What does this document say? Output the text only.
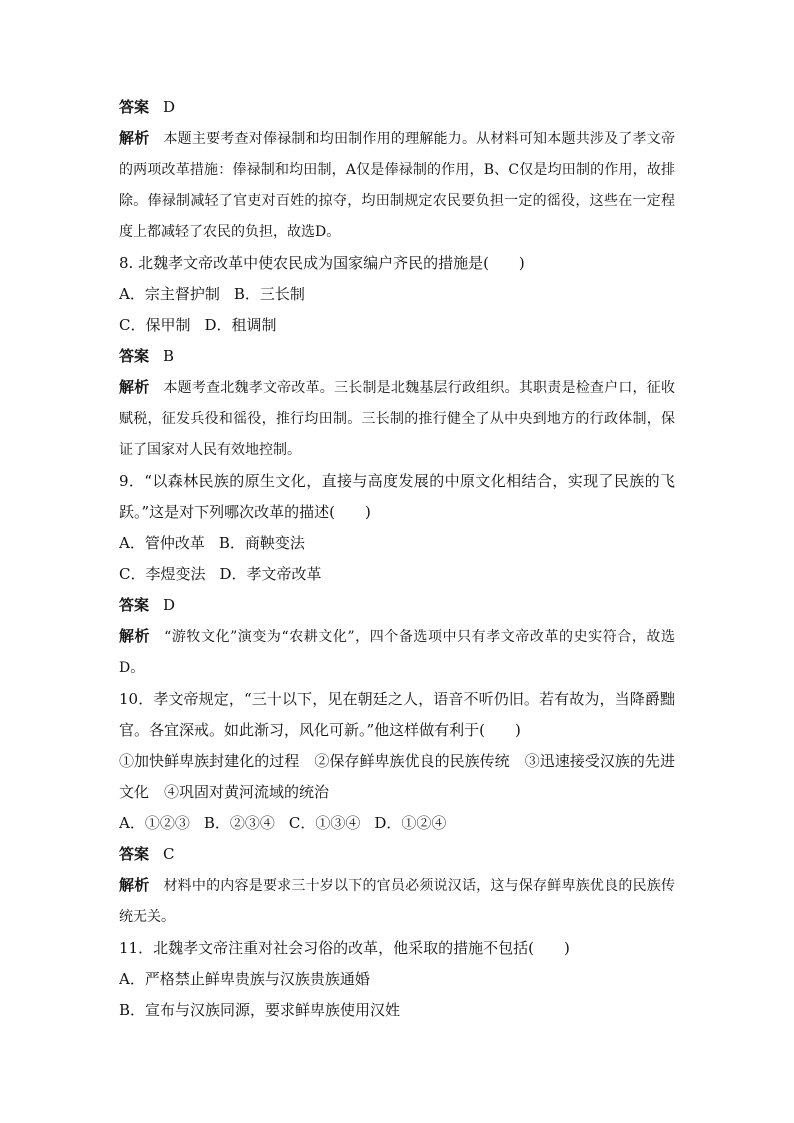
答案 D
解析 本题主要考查对俸禄制和均田制作用的理解能力。从材料可知本题共涉及了孝文帝的两项改革措施：俸禄制和均田制，A仅是俸禄制的作用，B、C仅是均田制的作用，故排除。俸禄制减轻了官吏对百姓的掠夺，均田制规定农民要负担一定的徭役，这些在一定程度上都减轻了农民的负担，故选D。
8. 北魏孝文帝改革中使农民成为国家编户齐民的措施是(　　)
A．宗主督护制 B．三长制
C．保甲制 D．租调制
答案 B
解析 本题考查北魏孝文帝改革。三长制是北魏基层行政组织。其职责是检查户口，征收赋税，征发兵役和徭役，推行均田制。三长制的推行健全了从中央到地方的行政体制，保证了国家对人民有效地控制。
9．“以森林民族的原生文化，直接与高度发展的中原文化相结合，实现了民族的飞跃。”这是对下列哪次改革的描述(　　)
A．管仲改革 B．商鞅变法
C．李煜变法 D．孝文帝改革
答案 D
解析 “游牧文化”演变为“农耕文化”，四个备选项中只有孝文帝改革的史实符合，故选D。
10．孝文帝规定，“三十以下，见在朝廷之人，语音不听仍旧。若有故为，当降爵黜官。各宜深戒。如此渐习，风化可新。”他这样做有利于(　　)
①加快鲜卑族封建化的过程　②保存鲜卑族优良的民族传统　③迅速接受汉族的先进文化　④巩固对黄河流域的统治
A．①②③ B．②③④ C．①③④ D．①②④
答案 C
解析 材料中的内容是要求三十岁以下的官员必须说汉话，这与保存鲜卑族优良的民族传统无关。
11．北魏孝文帝注重对社会习俗的改革，他采取的措施不包括(　　)
A．严格禁止鲜卑贵族与汉族贵族通婚
B．宣布与汉族同源，要求鲜卑族使用汉姓
